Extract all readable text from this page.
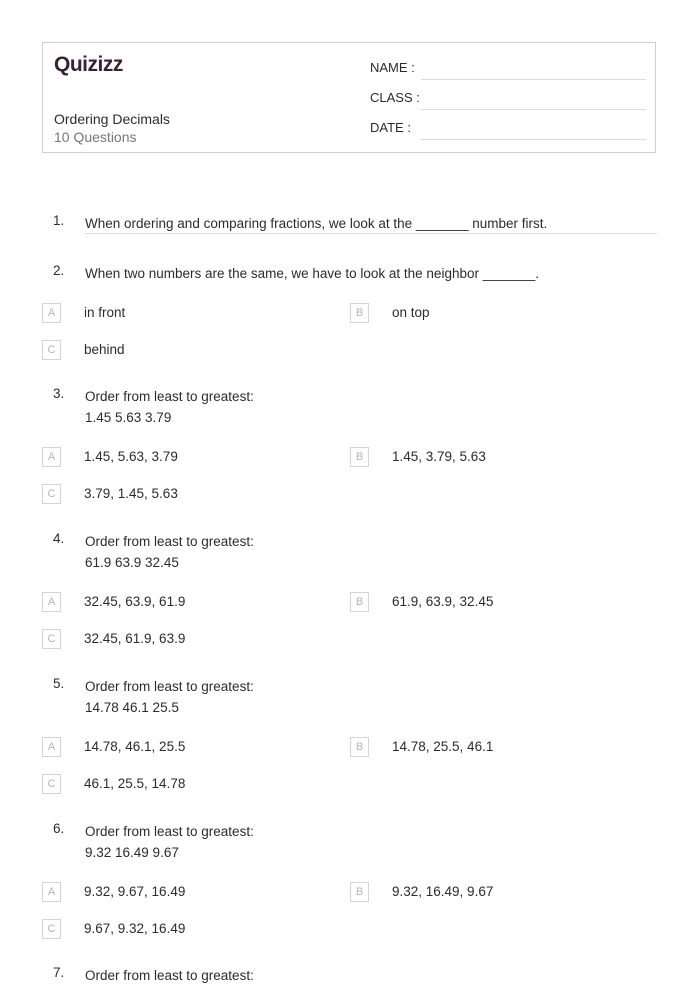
Quizizz
Ordering Decimals
10 Questions
NAME :
CLASS :
DATE :
1. When ordering and comparing fractions, we look at the _______ number first.
2. When two numbers are the same, we have to look at the neighbor _______.
A	in front	B	on top
C	behind
3. Order from least to greatest:
1.45 5.63 3.79
A	1.45, 5.63, 3.79	B	1.45, 3.79, 5.63
C	3.79, 1.45, 5.63
4. Order from least to greatest:
61.9 63.9 32.45
A	32.45, 63.9, 61.9	B	61.9, 63.9, 32.45
C	32.45, 61.9, 63.9
5. Order from least to greatest:
14.78 46.1 25.5
A	14.78, 46.1, 25.5	B	14.78, 25.5, 46.1
C	46.1, 25.5, 14.78
6. Order from least to greatest:
9.32 16.49 9.67
A	9.32, 9.67, 16.49	B	9.32, 16.49, 9.67
C	9.67, 9.32, 16.49
7. Order from least to greatest:
